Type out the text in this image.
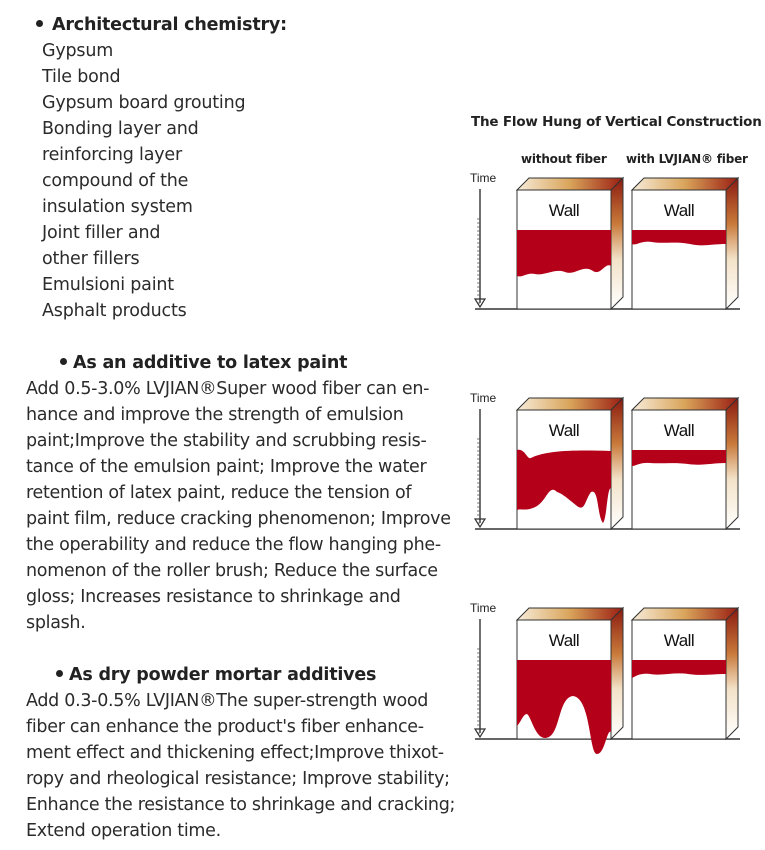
Architectural chemistry:
Gypsum
Tile bond
Gypsum board grouting
Bonding layer and
reinforcing layer
compound of the
insulation system
Joint filler and
other fillers
Emulsioni paint
Asphalt products
As an additive to latex paint
Add 0.5-3.0% LVJIAN®Super wood fiber can en-
hance and improve the strength of emulsion
paint;Improve the stability and scrubbing resis-
tance of the emulsion paint; Improve the water
retention of latex paint, reduce the tension of
paint film, reduce cracking phenomenon; Improve
the operability and reduce the flow hanging phe-
nomenon of the roller brush; Reduce the surface
gloss; Increases resistance to shrinkage and
splash.
As dry powder mortar additives
Add 0.3-0.5% LVJIAN®The super-strength wood
fiber can enhance the product's fiber enhance-
ment effect and thickening effect;Improve thixot-
ropy and rheological resistance; Improve stability;
Enhance the resistance to shrinkage and cracking;
Extend operation time.
The Flow Hung of Vertical Construction
without fiber with LVJIAN® fiber
Time
Wall	Wall
Time
Wall	Wall
Time
Wall	Wall
